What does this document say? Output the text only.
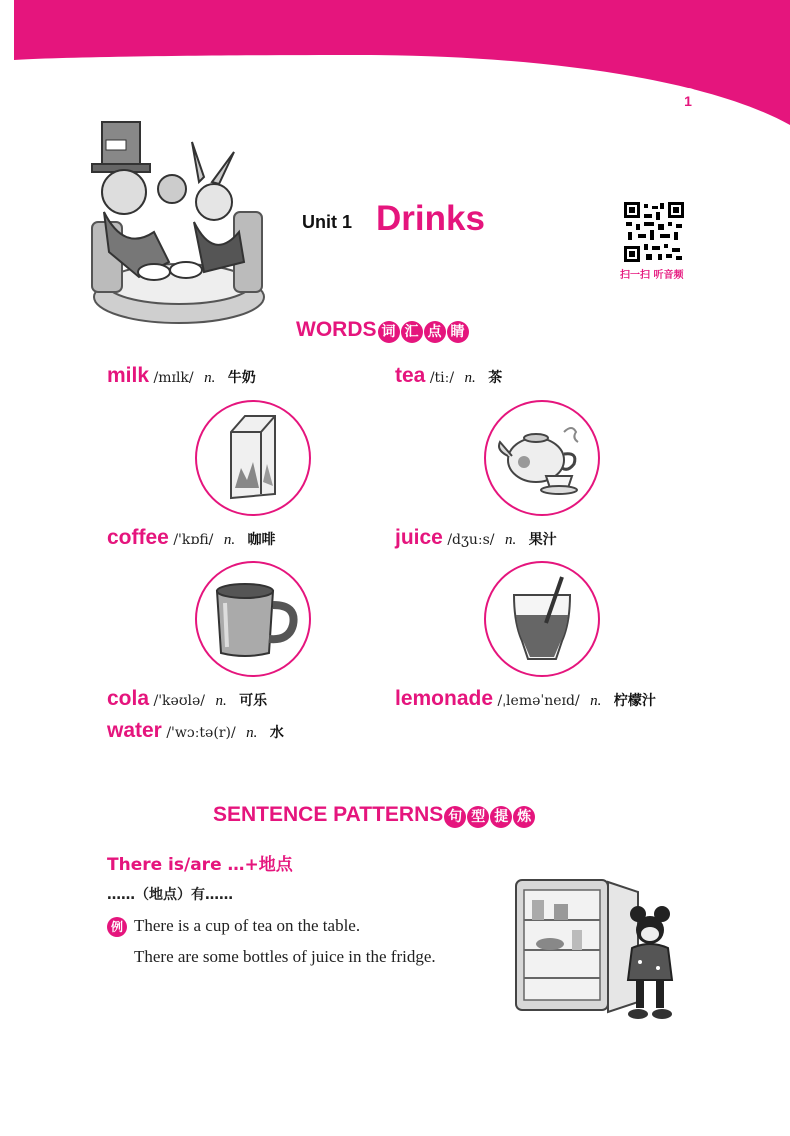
Unit 1  Drinks
1
Unit 1 Drinks
扫一扫 听音频
WORDS 词 汇 点 睛
milk /mɪlk/ n. 牛奶	tea /tiː/ n. 茶
coffee /'kɒfi/ n. 咖啡	juice /dʒuːs/ n. 果汁
cola /'kəʊlə/ n. 可乐	lemonade /ˌleməˈneɪd/ n. 柠檬汁
water /'wɔːtə(r)/ n. 水
SENTENCE PATTERNS 句 型 提 炼
There is/are …+地点
……（地点）有……
例 There is a cup of tea on the table.
There are some bottles of juice in the fridge.
